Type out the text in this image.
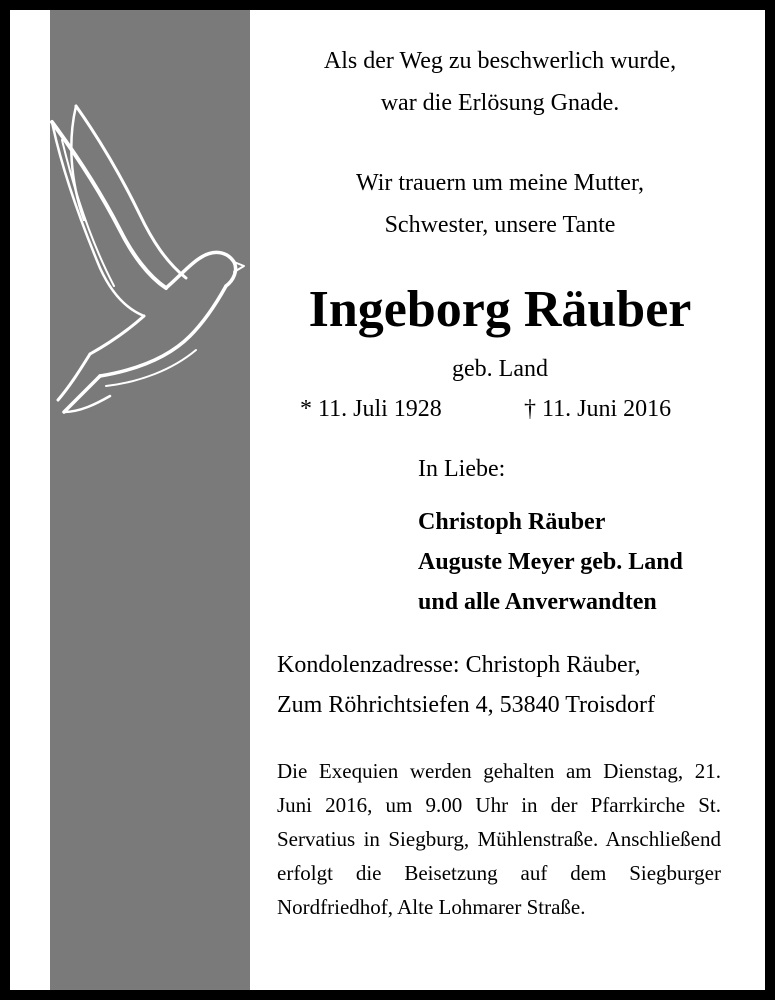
Als der Weg zu beschwerlich wurde,
war die Erlösung Gnade.
Wir trauern um meine Mutter,
Schwester, unsere Tante
Ingeborg Räuber
geb. Land
* 11. Juli 1928	† 11. Juni 2016
In Liebe:
Christoph Räuber
Auguste Meyer geb. Land
und alle Anverwandten
Kondolenzadresse: Christoph Räuber,
Zum Röhrichtsiefen 4, 53840 Troisdorf
Die Exequien werden gehalten am Dienstag, 21. Juni 2016, um 9.00 Uhr in der Pfarrkirche St. Servatius in Siegburg, Mühlenstraße. Anschließend erfolgt die Beisetzung auf dem Siegburger Nordfriedhof, Alte Lohmarer Straße.
